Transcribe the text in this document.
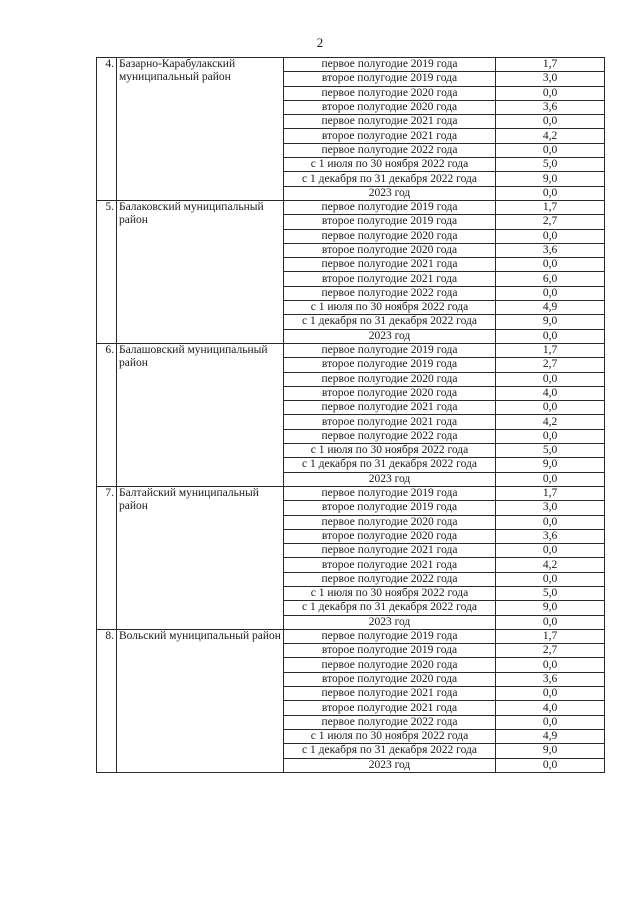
2
4.	Базарно-Карабулакский муниципальный район	первое полугодие 2019 года	1,7
		второе полугодие 2019 года	3,0
		первое полугодие 2020 года	0,0
		второе полугодие 2020 года	3,6
		первое полугодие 2021 года	0,0
		второе полугодие 2021 года	4,2
		первое полугодие 2022 года	0,0
		с 1 июля по 30 ноября 2022 года	5,0
		с 1 декабря по 31 декабря 2022 года	9,0
		2023 год	0,0
5.	Балаковский муниципальный район	первое полугодие 2019 года	1,7
		второе полугодие 2019 года	2,7
		первое полугодие 2020 года	0,0
		второе полугодие 2020 года	3,6
		первое полугодие 2021 года	0,0
		второе полугодие 2021 года	6,0
		первое полугодие 2022 года	0,0
		с 1 июля по 30 ноября 2022 года	4,9
		с 1 декабря по 31 декабря 2022 года	9,0
		2023 год	0,0
6.	Балашовский муниципальный район	первое полугодие 2019 года	1,7
		второе полугодие 2019 года	2,7
		первое полугодие 2020 года	0,0
		второе полугодие 2020 года	4,0
		первое полугодие 2021 года	0,0
		второе полугодие 2021 года	4,2
		первое полугодие 2022 года	0,0
		с 1 июля по 30 ноября 2022 года	5,0
		с 1 декабря по 31 декабря 2022 года	9,0
		2023 год	0,0
7.	Балтайский муниципальный район	первое полугодие 2019 года	1,7
		второе полугодие 2019 года	3,0
		первое полугодие 2020 года	0,0
		второе полугодие 2020 года	3,6
		первое полугодие 2021 года	0,0
		второе полугодие 2021 года	4,2
		первое полугодие 2022 года	0,0
		с 1 июля по 30 ноября 2022 года	5,0
		с 1 декабря по 31 декабря 2022 года	9,0
		2023 год	0,0
8.	Вольский муниципальный район	первое полугодие 2019 года	1,7
		второе полугодие 2019 года	2,7
		первое полугодие 2020 года	0,0
		второе полугодие 2020 года	3,6
		первое полугодие 2021 года	0,0
		второе полугодие 2021 года	4,0
		первое полугодие 2022 года	0,0
		с 1 июля по 30 ноября 2022 года	4,9
		с 1 декабря по 31 декабря 2022 года	9,0
		2023 год	0,0
